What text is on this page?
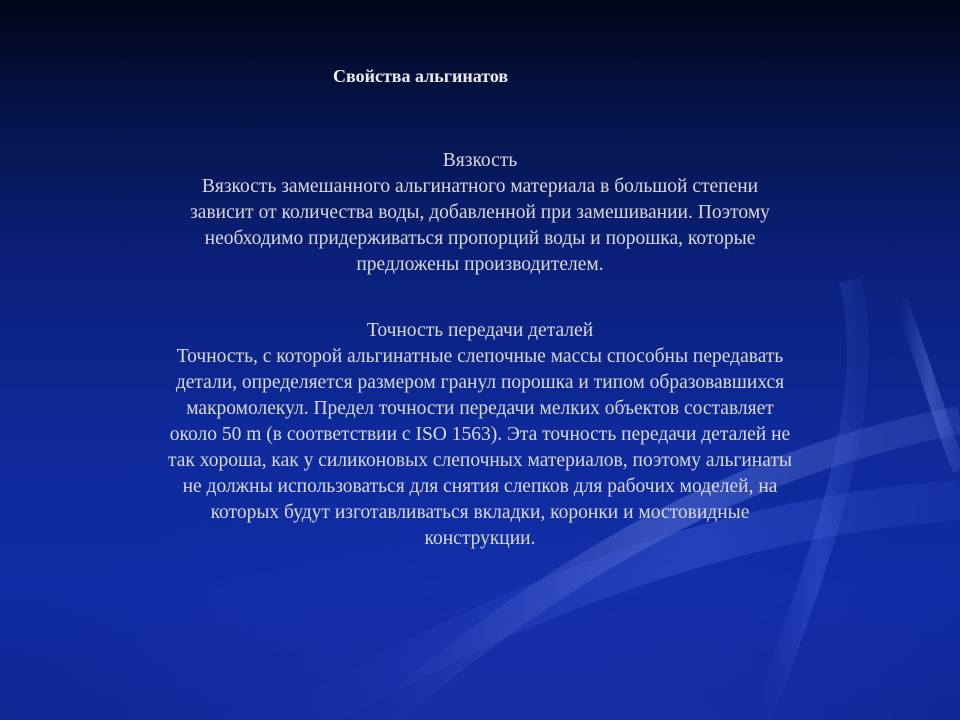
Свойства альгинатов
Вязкость
Вязкость замешанного альгинатного материала в большой степени
зависит от количества воды, добавленной при замешивании. Поэтому
необходимо придерживаться пропорций воды и порошка, которые
предложены производителем.
Точность передачи деталей
Точность, с которой альгинатные слепочные массы способны передавать
детали, определяется размером гранул порошка и типом образовавшихся
макромолекул. Предел точности передачи мелких объектов составляет
около 50 m (в соответствии с ISO 1563). Эта точность передачи деталей не
так хороша, как у силиконовых слепочных материалов, поэтому альгинаты
не должны использоваться для снятия слепков для рабочих моделей, на
которых будут изготавливаться вкладки, коронки и мостовидные
конструкции.
